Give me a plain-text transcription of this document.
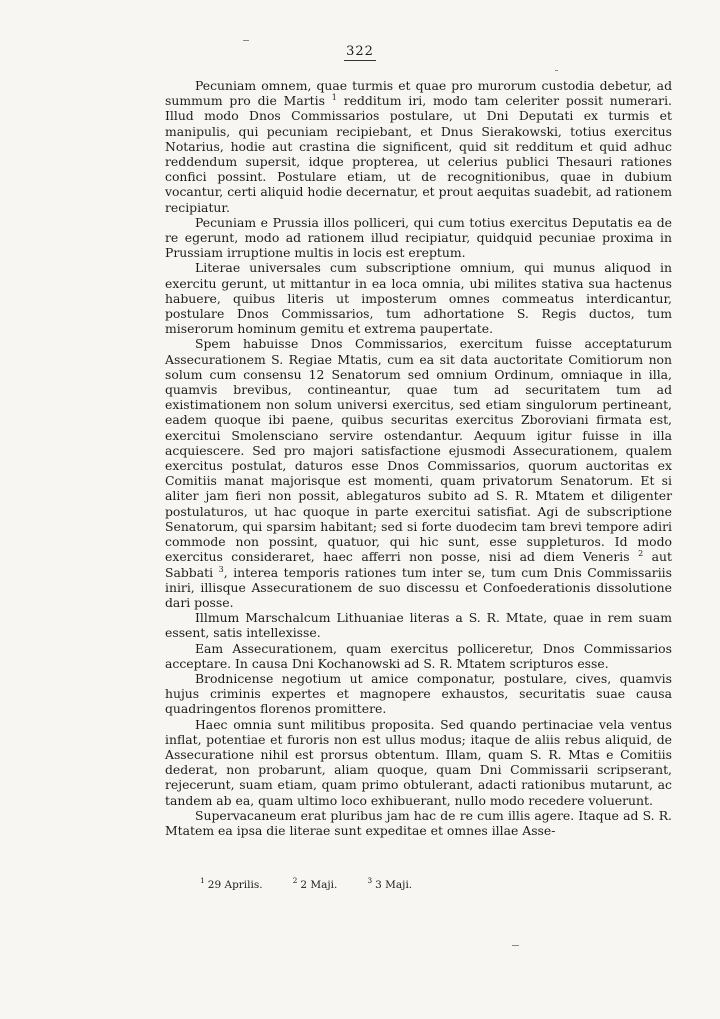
322

Pecuniam omnem, quae turmis et quae pro murorum custodia debetur, ad summum pro die Martis $^1$ redditum iri, modo tam celeriter possit numerari. Illud modo Dnos Commissarios postulare, ut Dni Deputati ex turmis et manipulis, qui pecuniam recipiebant, et Dnus Sierakowski, totius exercitus Notarius, hodie aut crastina die significent, quid sit redditum et quid adhuc reddendum supersit, idque propterea, ut celerius publici Thesauri rationes confici possint. Postulare etiam, ut de recognitionibus, quae in dubium vocantur, certi aliquid hodie decernatur, et prout aequitas suadebit, ad rationem recipiatur.

Pecuniam e Prussia illos polliceri, qui cum totius exercitus Deputatis ea de re egerunt, modo ad rationem illud recipiatur, quidquid pecuniae proxima in Prussiam irruptione multis in locis est ereptum.

Literae universales cum subscriptione omnium, qui munus aliquod in exercitu gerunt, ut mittantur in ea loca omnia, ubi milites stativa sua hactenus habuere, quibus literis ut imposterum omnes commeatus interdicantur, postulare Dnos Commissarios, tum adhortatione S. Regis ductos, tum miserorum hominum gemitu et extrema paupertate.

Spem habuisse Dnos Commissarios, exercitum fuisse acceptaturum Assecurationem S. Regiae Mtatis, cum ea sit data auctoritate Comitiorum non solum cum consensu 12 Senatorum sed omnium Ordinum, omniaque in illa, quamvis brevibus, contineantur, quae tum ad securitatem tum ad existimationem non solum universi exercitus, sed etiam singulorum pertineant, eadem quoque ibi paene, quibus securitas exercitus Zboroviani firmata est, exercitui Smolensciano servire ostendantur. Aequum igitur fuisse in illa acquiescere. Sed pro majori satisfactione ejusmodi Assecurationem, qualem exercitus postulat, daturos esse Dnos Commissarios, quorum auctoritas ex Comitiis manat majorisque est momenti, quam privatorum Senatorum. Et si aliter jam fieri non possit, ablegaturos subito ad S. R. Mtatem et diligenter postulaturos, ut hac quoque in parte exercitui satisfiat. Agi de subscriptione Senatorum, qui sparsim habitant; sed si forte duodecim tam brevi tempore adiri commode non possint, quatuor, qui hic sunt, esse suppleturos. Id modo exercitus consideraret, haec afferri non posse, nisi ad diem Veneris $^2$ aut Sabbati $^3$, interea temporis rationes tum inter se, tum cum Dnis Commissariis iniri, illisque Assecurationem de suo discessu et Confoederationis dissolutione dari posse.

Illmum Marschalcum Lithuaniae literas a S. R. Mtate, quae in rem suam essent, satis intellexisse.

Eam Assecurationem, quam exercitus polliceretur, Dnos Commissarios acceptare. In causa Dni Kochanowski ad S. R. Mtatem scripturos esse.

Brodnicense negotium ut amice componatur, postulare, cives, quamvis hujus criminis expertes et magnopere exhaustos, securitatis suae causa quadringentos florenos promittere.

Haec omnia sunt militibus proposita. Sed quando pertinaciae vela ventus inflat, potentiae et furoris non est ullus modus; itaque de aliis rebus aliquid, de Assecuratione nihil est prorsus obtentum. Illam, quam S. R. Mtas e Comitiis dederat, non probarunt, aliam quoque, quam Dni Commissarii scripserant, rejecerunt, suam etiam, quam primo obtulerant, adacti rationibus mutarunt, ac tandem ab ea, quam ultimo loco exhibuerant, nullo modo recedere voluerunt.

Supervacaneum erat pluribus jam hac de re cum illis agere. Itaque ad S. R. Mtatem ea ipsa die literae sunt expeditae et omnes illae Asse-

$^1$ 29 Aprilis.	$^2$ 2 Maji.	$^3$ 3 Maji.
